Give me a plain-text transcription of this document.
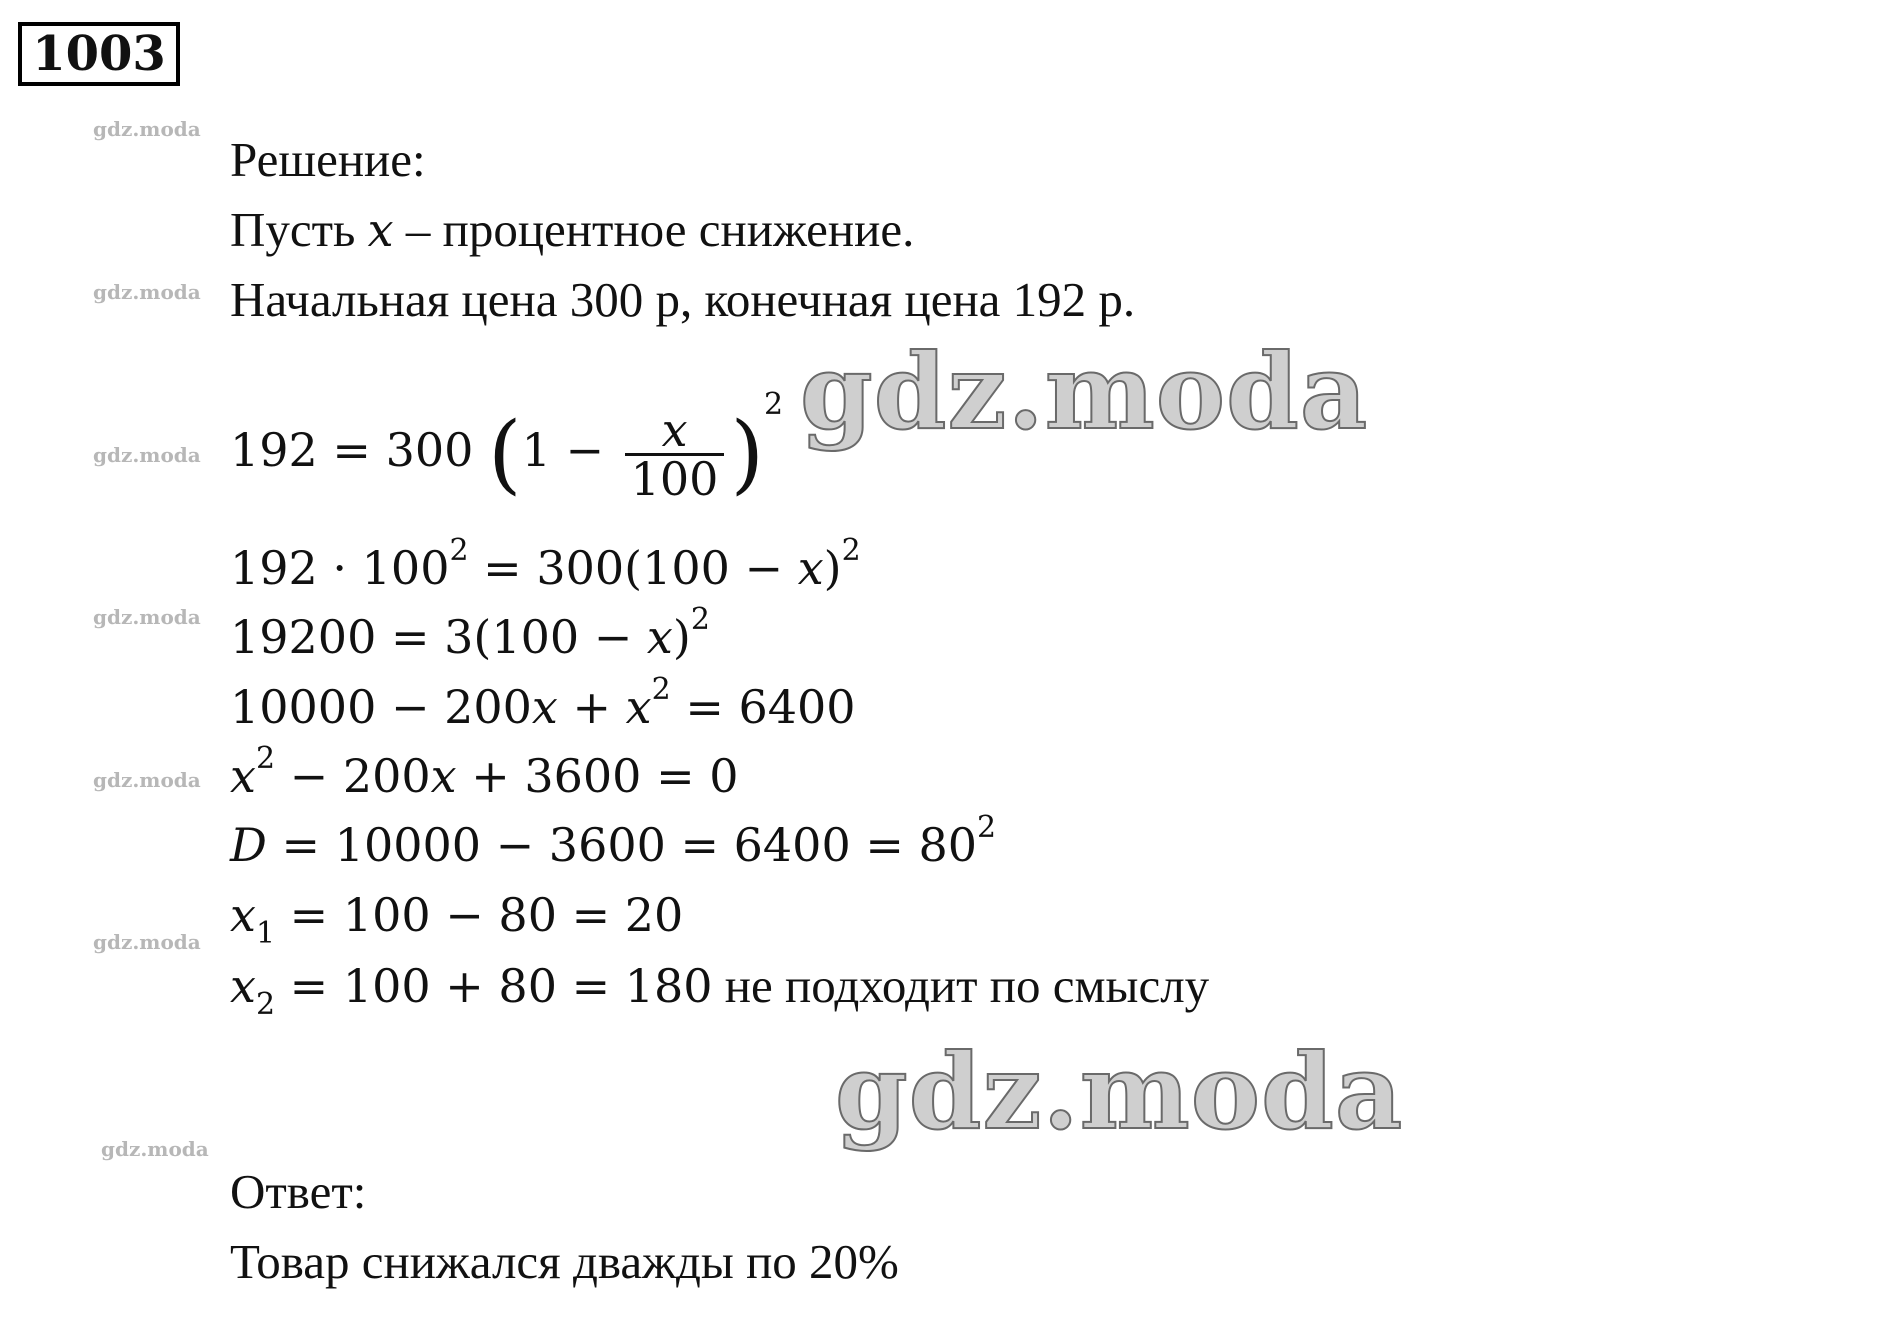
1003
gdz.moda
gdz.moda
gdz.moda
gdz.moda
gdz.moda
gdz.moda
gdz.moda
gdz.moda
gdz.moda
Решение:
Пусть x – процентное снижение.
Начальная цена 300 р, конечная цена 192 р.
192 = 300 $(1 - \frac{x}{100} )^2$
$192 \cdot 100^2 = 300(100 - x)^2$
$19200 = 3(100 - x)^2$
$10000 - 200x + x^2 = 6400$
$x^2 - 200x + 3600 = 0$
$D = 10000 - 3600 = 6400 = 80^2$
$x_1 = 100 - 80 = 20$
$x_2 = 100 + 80 = 180$ не подходит по смыслу
Ответ:
Товар снижался дважды по 20%
